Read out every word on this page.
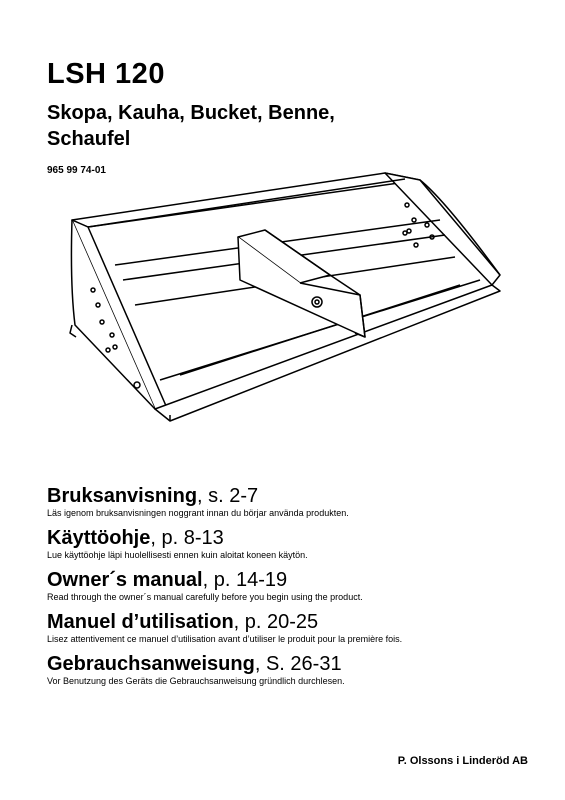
LSH 120
Skopa, Kauha, Bucket, Benne,
Schaufel
965 99 74-01
Bruksanvisning, s. 2-7
Läs igenom bruksanvisningen noggrant innan du börjar använda produkten.
Käyttöohje, p. 8-13
Lue käyttöohje läpi huolellisesti ennen kuin aloitat koneen käytön.
Owner´s manual, p. 14-19
Read through the owner´s manual carefully before you begin using the product.
Manuel d’utilisation, p. 20-25
Lisez attentivement ce manuel d’utilisation avant d’utiliser le produit pour la première fois.
Gebrauchsanweisung, S. 26-31
Vor Benutzung des Geräts die Gebrauchsanweisung gründlich durchlesen.
P. Olssons i Linderöd AB
